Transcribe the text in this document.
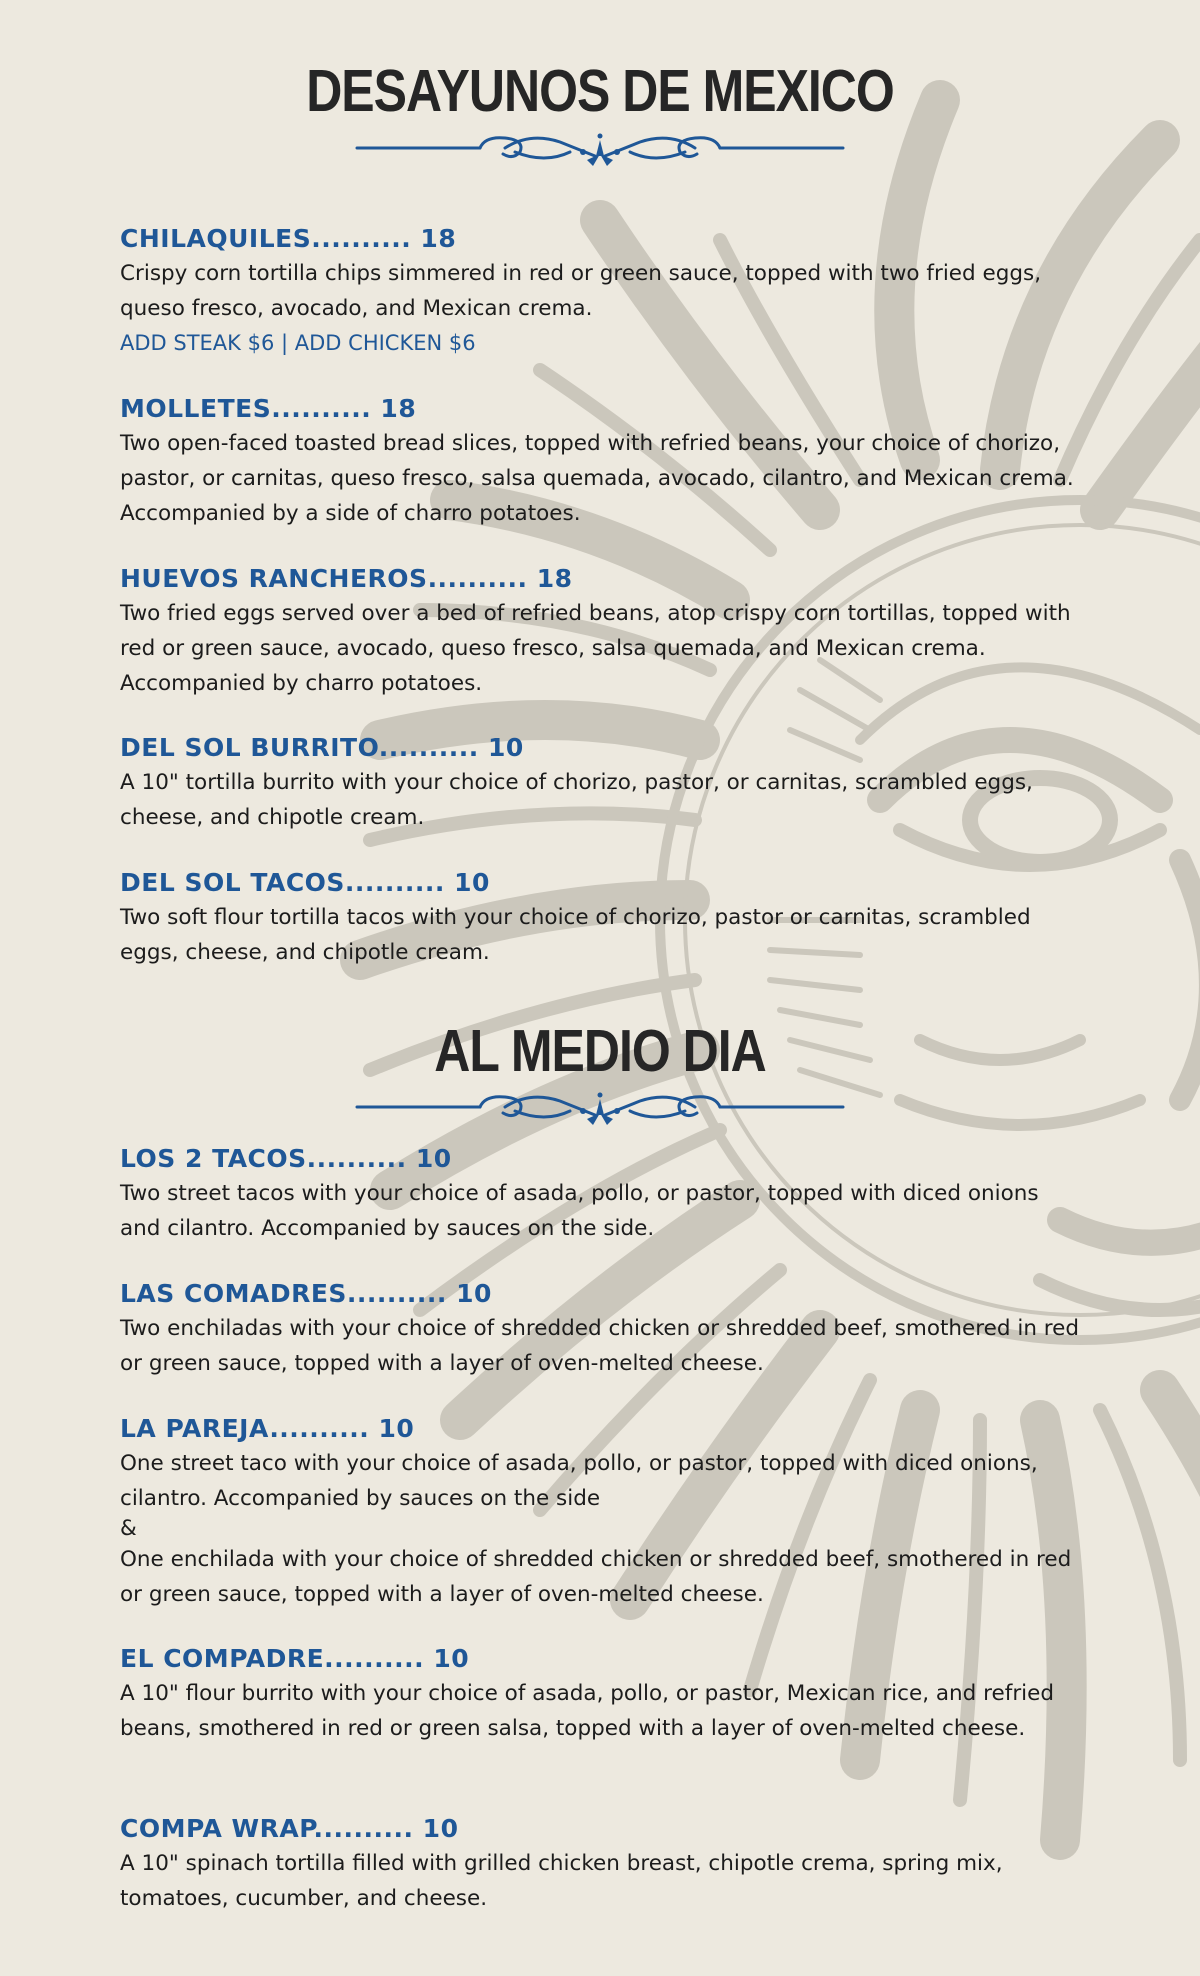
DESAYUNOS DE MEXICO
CHILAQUILES.......... 18

Crispy corn tortilla chips simmered in red or green sauce, topped with two fried eggs, queso fresco, avocado, and Mexican crema.

ADD STEAK $6 | ADD CHICKEN $6
MOLLETES.......... 18

Two open-faced toasted bread slices, topped with refried beans, your choice of chorizo, pastor, or carnitas, queso fresco, salsa quemada, avocado, cilantro, and Mexican crema. Accompanied by a side of charro potatoes.

HUEVOS RANCHEROS.......... 18

Two fried eggs served over a bed of refried beans, atop crispy corn tortillas, topped with red or green sauce, avocado, queso fresco, salsa quemada, and Mexican crema. Accompanied by charro potatoes.

DEL SOL BURRITO.......... 10

A 10" tortilla burrito with your choice of chorizo, pastor, or carnitas, scrambled eggs, cheese, and chipotle cream.

DEL SOL TACOS.......... 10

Two soft flour tortilla tacos with your choice of chorizo, pastor or carnitas, scrambled eggs, cheese, and chipotle cream.

AL MEDIO DIA
LOS 2 TACOS.......... 10

Two street tacos with your choice of asada, pollo, or pastor, topped with diced onions and cilantro. Accompanied by sauces on the side.

LAS COMADRES.......... 10

Two enchiladas with your choice of shredded chicken or shredded beef, smothered in red or green sauce, topped with a layer of oven-melted cheese.

LA PAREJA.......... 10

One street taco with your choice of asada, pollo, or pastor, topped with diced onions, cilantro. Accompanied by sauces on the side

&

One enchilada with your choice of shredded chicken or shredded beef, smothered in red or green sauce, topped with a layer of oven-melted cheese.

EL COMPADRE.......... 10

A 10" flour burrito with your choice of asada, pollo, or pastor, Mexican rice, and refried beans, smothered in red or green salsa, topped with a layer of oven-melted cheese.

COMPA WRAP.......... 10

A 10" spinach tortilla filled with grilled chicken breast, chipotle crema, spring mix, tomatoes, cucumber, and cheese.
